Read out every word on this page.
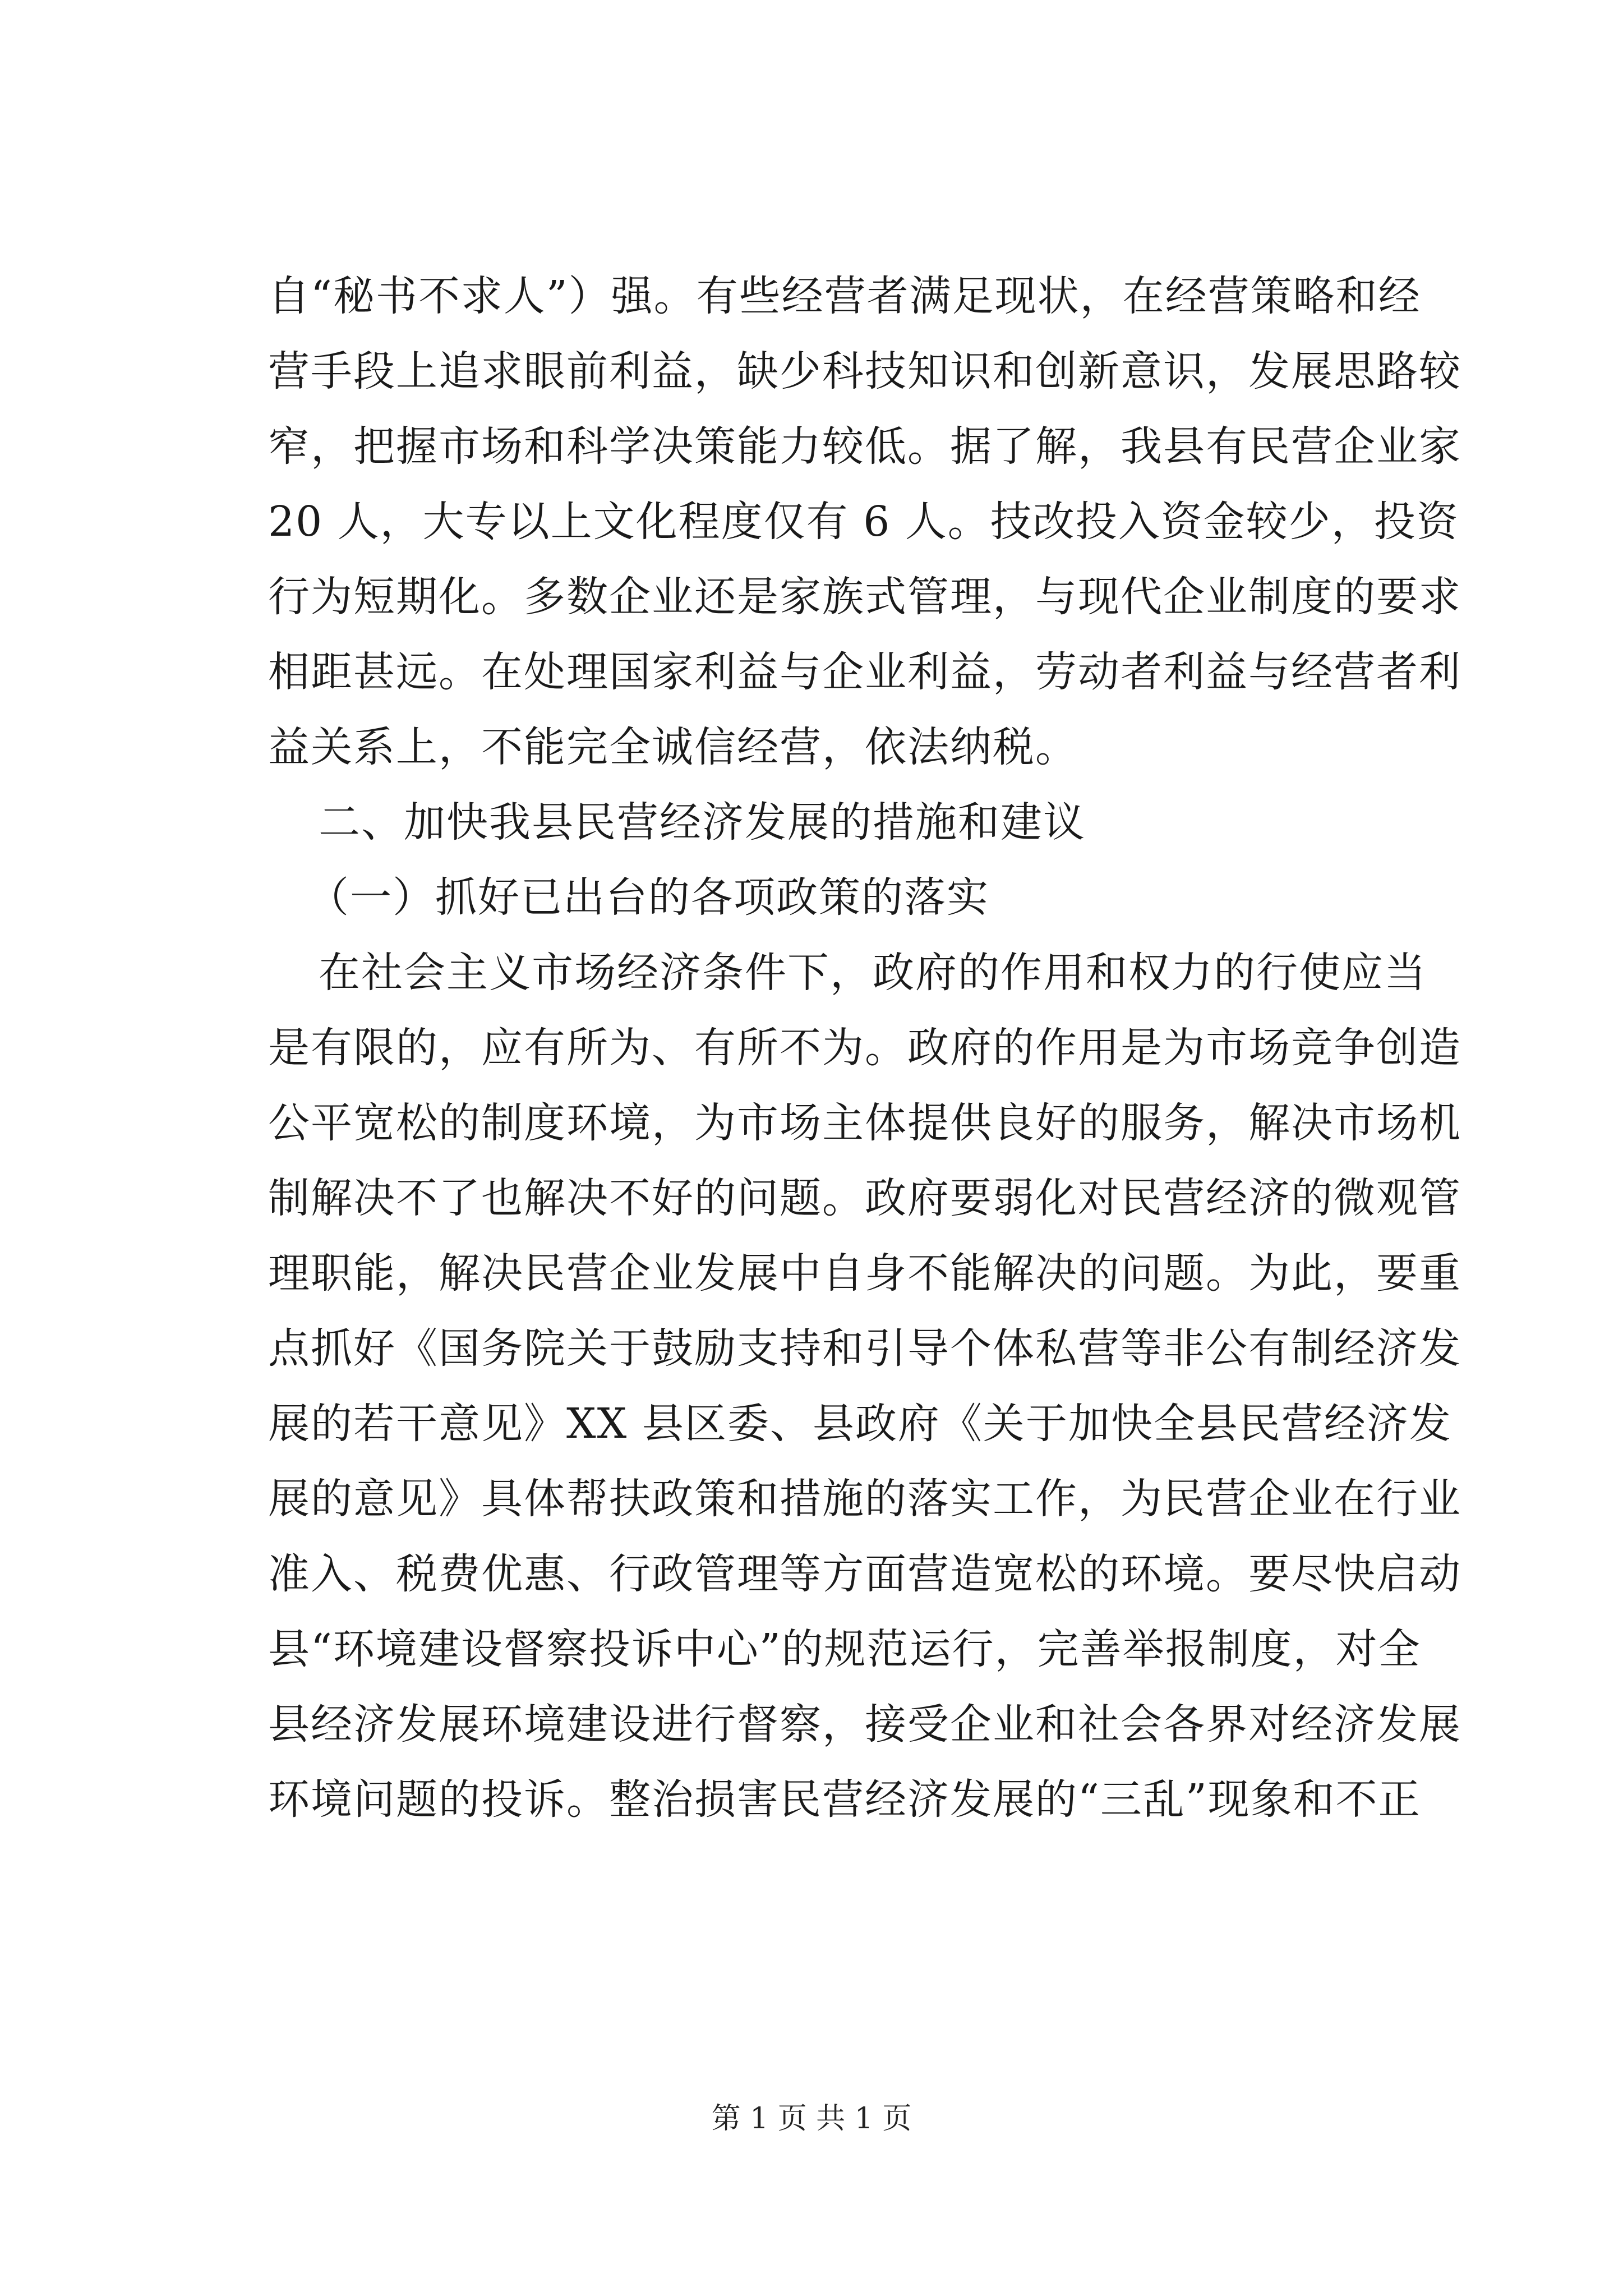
自“秘书不求人”）强。有些经营者满足现状，在经营策略和经

营手段上追求眼前利益，缺少科技知识和创新意识，发展思路较

窄，把握市场和科学决策能力较低。据了解，我县有民营企业家

20 人，大专以上文化程度仅有 6 人。技改投入资金较少，投资

行为短期化。多数企业还是家族式管理，与现代企业制度的要求

相距甚远。在处理国家利益与企业利益，劳动者利益与经营者利

益关系上，不能完全诚信经营，依法纳税。

二、加快我县民营经济发展的措施和建议

（一）抓好已出台的各项政策的落实

在社会主义市场经济条件下，政府的作用和权力的行使应当

是有限的，应有所为、有所不为。政府的作用是为市场竞争创造

公平宽松的制度环境，为市场主体提供良好的服务，解决市场机

制解决不了也解决不好的问题。政府要弱化对民营经济的微观管

理职能，解决民营企业发展中自身不能解决的问题。为此，要重

点抓好《国务院关于鼓励支持和引导个体私营等非公有制经济发

展的若干意见》XX 县区委、县政府《关于加快全县民营经济发

展的意见》具体帮扶政策和措施的落实工作，为民营企业在行业

准入、税费优惠、行政管理等方面营造宽松的环境。要尽快启动

县“环境建设督察投诉中心”的规范运行，完善举报制度，对全

县经济发展环境建设进行督察，接受企业和社会各界对经济发展

环境问题的投诉。整治损害民营经济发展的“三乱”现象和不正

第 1 页 共 1 页
